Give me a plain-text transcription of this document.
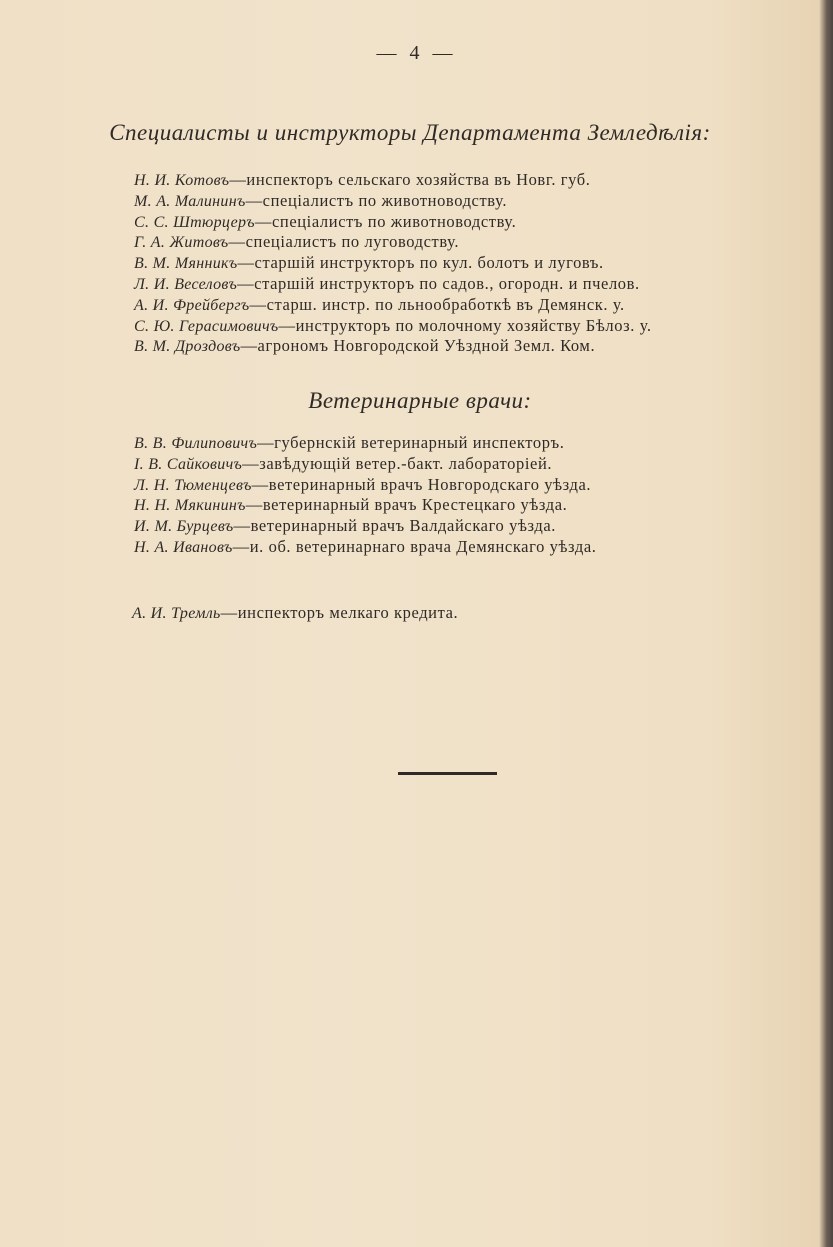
— 4 —
Специалисты и инструкторы Департамента Земледѣлія:
Н. И. Котовъ—инспекторъ сельскаго хозяйства въ Новг. губ.
М. А. Малининъ—спеціалистъ по животноводству.
С. С. Штюрцеръ—спеціалистъ по животноводству.
Г. А. Житовъ—спеціалистъ по луговодству.
В. М. Мянникъ—старшій инструкторъ по кул. болотъ и луговъ.
Л. И. Веселовъ—старшій инструкторъ по садов., огородн. и пчелов.
А. И. Фрейбергъ—старш. инстр. по льнообработкѣ въ Демянск. у.
С. Ю. Герасимовичъ—инструкторъ по молочному хозяйству Бѣлоз. у.
В. М. Дроздовъ—агрономъ Новгородской Уѣздной Земл. Ком.
Ветеринарные врачи:
В. В. Филиповичъ—губернскій ветеринарный инспекторъ.
І. В. Сайковичъ—завѣдующій ветер.-бакт. лабораторіей.
Л. Н. Тюменцевъ—ветеринарный врачъ Новгородскаго уѣзда.
Н. Н. Мякининъ—ветеринарный врачъ Крестецкаго уѣзда.
И. М. Бурцевъ—ветеринарный врачъ Валдайскаго уѣзда.
Н. А. Ивановъ—и. об. ветеринарнаго врача Демянскаго уѣзда.
А. И. Тремль—инспекторъ мелкаго кредита.
